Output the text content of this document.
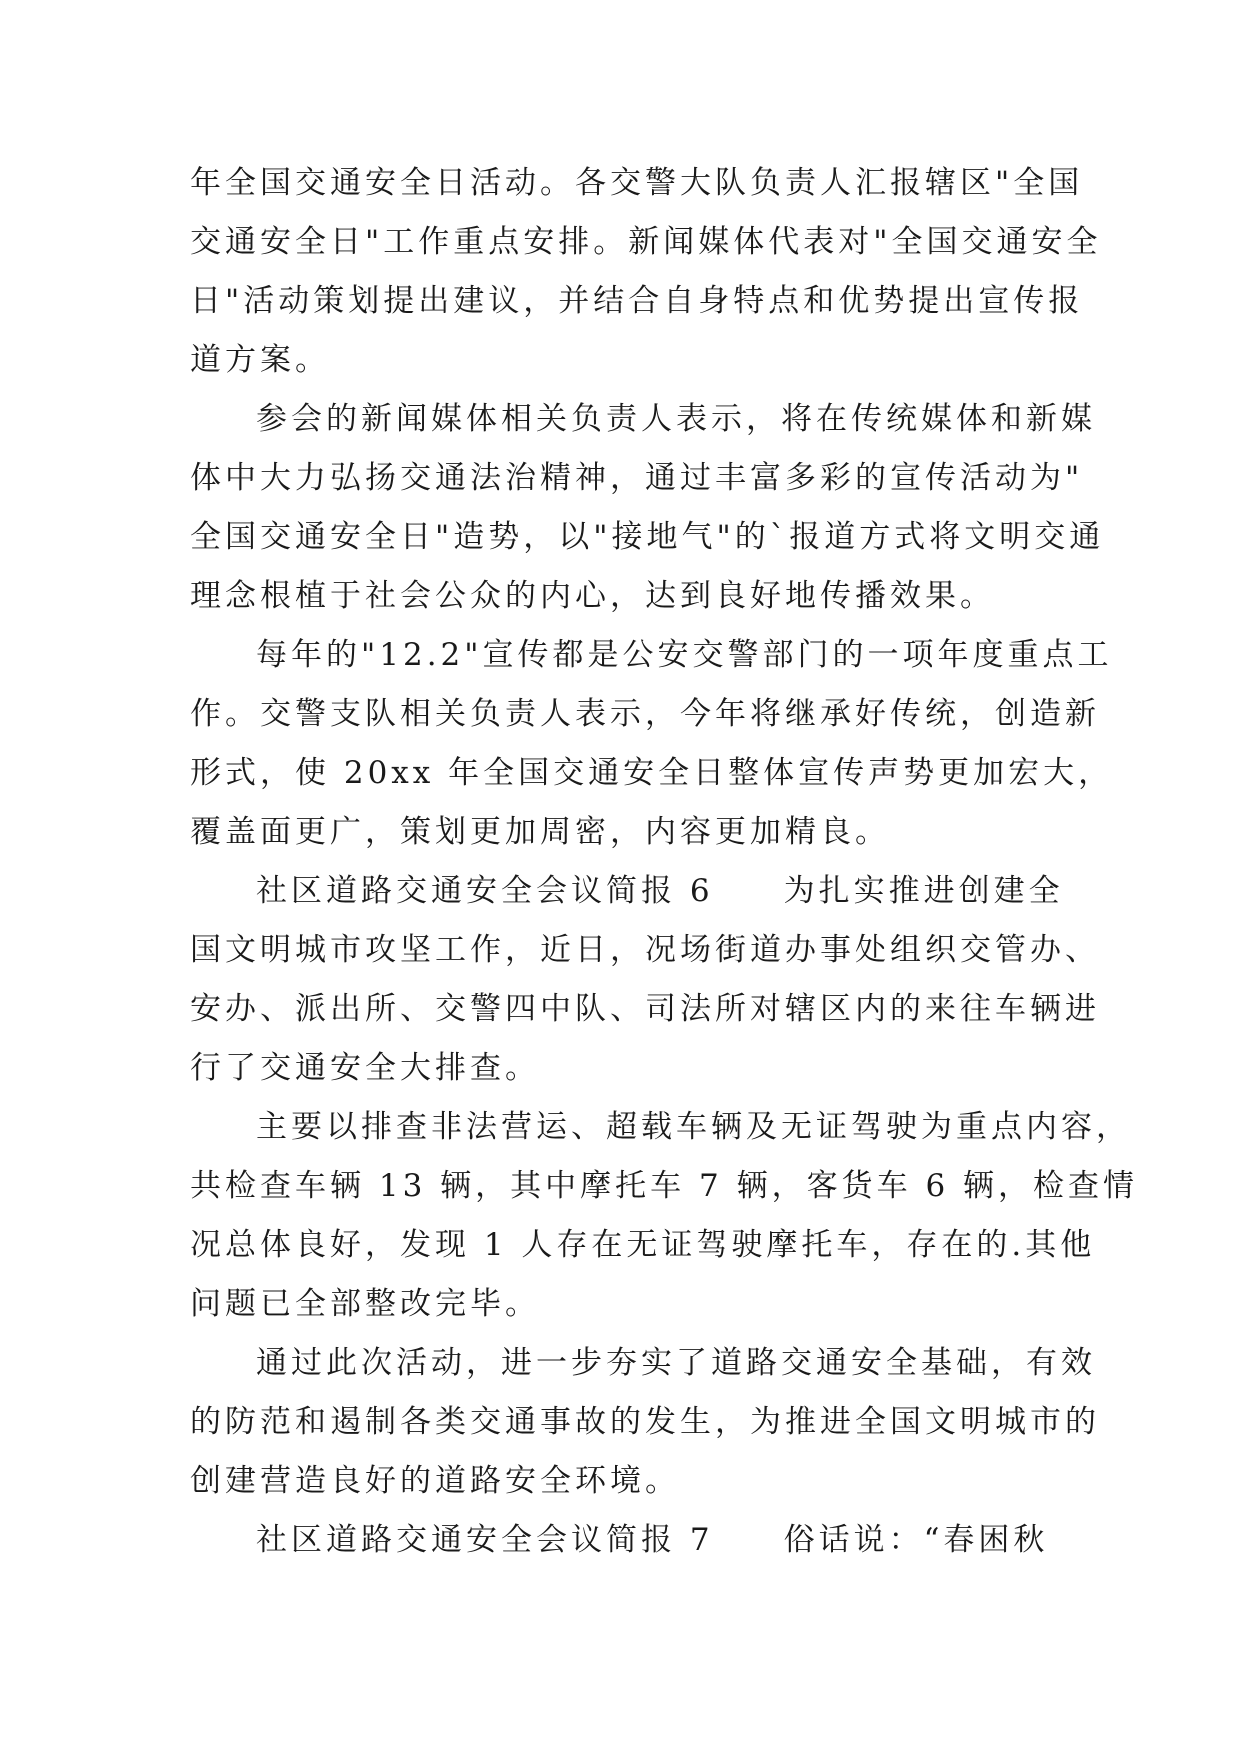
年全国交通安全日活动。各交警大队负责人汇报辖区"全国
交通安全日"工作重点安排。新闻媒体代表对"全国交通安全
日"活动策划提出建议，并结合自身特点和优势提出宣传报
道方案。
参会的新闻媒体相关负责人表示，将在传统媒体和新媒
体中大力弘扬交通法治精神，通过丰富多彩的宣传活动为"
全国交通安全日"造势，以"接地气"的`报道方式将文明交通
理念根植于社会公众的内心，达到良好地传播效果。
每年的"12.2"宣传都是公安交警部门的一项年度重点工
作。交警支队相关负责人表示，今年将继承好传统，创造新
形式，使 20xx 年全国交通安全日整体宣传声势更加宏大，
覆盖面更广，策划更加周密，内容更加精良。
社区道路交通安全会议简报 6　　为扎实推进创建全
国文明城市攻坚工作，近日，况场街道办事处组织交管办、
安办、派出所、交警四中队、司法所对辖区内的来往车辆进
行了交通安全大排查。
主要以排查非法营运、超载车辆及无证驾驶为重点内容，
共检查车辆 13 辆，其中摩托车 7 辆，客货车 6 辆，检查情
况总体良好，发现 1 人存在无证驾驶摩托车，存在的.其他
问题已全部整改完毕。
通过此次活动，进一步夯实了道路交通安全基础，有效
的防范和遏制各类交通事故的发生，为推进全国文明城市的
创建营造良好的道路安全环境。
社区道路交通安全会议简报 7　　俗话说：“春困秋
